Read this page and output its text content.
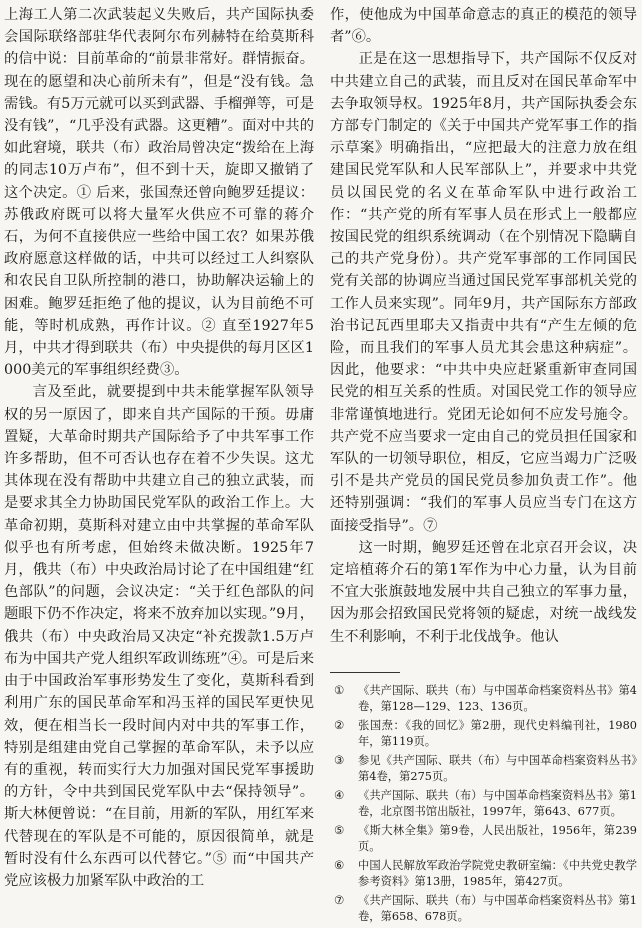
上海工人第二次武装起义失败后，共产国际执委会国际联络部驻华代表阿尔布列赫特在给莫斯科的信中说：目前革命的“前景非常好。群情振奋。现在的愿望和决心前所未有”，但是“没有钱。急需钱。有5万元就可以买到武器、手榴弹等，可是没有钱”，“几乎没有武器。这更糟”。面对中共的如此窘境，联共（布）政治局曾决定“拨给在上海的同志10万卢布”，但不到十天，旋即又撤销了这个决定。① 后来，张国焘还曾向鲍罗廷提议：苏俄政府既可以将大量军火供应不可靠的蒋介石，为何不直接供应一些给中国工农？如果苏俄政府愿意这样做的话，中共可以经过工人纠察队和农民自卫队所控制的港口，协助解决运输上的困难。鲍罗廷拒绝了他的提议，认为目前绝不可能，等时机成熟，再作计议。② 直至1927年5月，中共才得到联共（布）中央提供的每月区区1000美元的军事组织经费③。

言及至此，就要提到中共未能掌握军队领导权的另一原因了，即来自共产国际的干预。毋庸置疑，大革命时期共产国际给予了中共军事工作许多帮助，但不可否认也存在着不少失误。这尤其体现在没有帮助中共建立自己的独立武装，而是要求其全力协助国民党军队的政治工作上。大革命初期，莫斯科对建立由中共掌握的革命军队似乎也有所考虑，但始终未做决断。1925年7月，俄共（布）中央政治局讨论了在中国组建“红色部队”的问题，会议决定：“关于红色部队的问题眼下仍不作决定，将来不放弃加以实现。”9月，俄共（布）中央政治局又决定“补充拨款1.5万卢布为中国共产党人组织军政训练班”④。可是后来由于中国政治军事形势发生了变化，莫斯科看到利用广东的国民革命军和冯玉祥的国民军更快见效，便在相当长一段时间内对中共的军事工作，特别是组建由党自己掌握的革命军队，未予以应有的重视，转而实行大力加强对国民党军事援助的方针，令中共到国民党军队中去“保持领导”。斯大林便曾说：“在目前，用新的军队，用红军来代替现在的军队是不可能的，原因很简单，就是暂时没有什么东西可以代替它。”⑤ 而“中国共产党应该极力加紧军队中政治的工

作，使他成为中国革命意志的真正的模范的领导者”⑥。

正是在这一思想指导下，共产国际不仅反对中共建立自己的武装，而且反对在国民革命军中去争取领导权。1925年8月，共产国际执委会东方部专门制定的《关于中国共产党军事工作的指示草案》明确指出，“应把最大的注意力放在组建国民党军队和人民军部队上”，并要求中共党员以国民党的名义在革命军队中进行政治工作：“共产党的所有军事人员在形式上一般都应按国民党的组织系统调动（在个别情况下隐瞒自己的共产党身份）。共产党军事部的工作同国民党有关部的协调应当通过国民党军事部机关党的工作人员来实现”。同年9月，共产国际东方部政治书记瓦西里耶夫又指责中共有“产生左倾的危险，而且我们的军事人员尤其会患这种病症”。因此，他要求：“中共中央应赶紧重新审查同国民党的相互关系的性质。对国民党工作的领导应非常谨慎地进行。党团无论如何不应发号施令。共产党不应当要求一定由自己的党员担任国家和军队的一切领导职位，相反，它应当竭力广泛吸引不是共产党员的国民党员参加负责工作”。他还特别强调：“我们的军事人员应当专门在这方面接受指导”。⑦

这一时期，鲍罗廷还曾在北京召开会议，决定培植蒋介石的第1军作为中心力量，认为目前不宜大张旗鼓地发展中共自己独立的军事力量，因为那会招致国民党将领的疑虑，对统一战线发生不利影响，不利于北伐战争。他认

① 《共产国际、联共（布）与中国革命档案资料丛书》第4卷，第128—129、123、136页。
② 张国焘：《我的回忆》第2册，现代史料编刊社，1980年，第119页。
③ 参见《共产国际、联共（布）与中国革命档案资料丛书》第4卷，第275页。
④ 《共产国际、联共（布）与中国革命档案资料丛书》第1卷，北京图书馆出版社，1997年，第643、677页。
⑤ 《斯大林全集》第9卷，人民出版社，1956年，第239页。
⑥ 中国人民解放军政治学院党史教研室编：《中共党史教学参考资料》第13册，1985年，第427页。
⑦ 《共产国际、联共（布）与中国革命档案资料丛书》第1卷，第658、678页。
